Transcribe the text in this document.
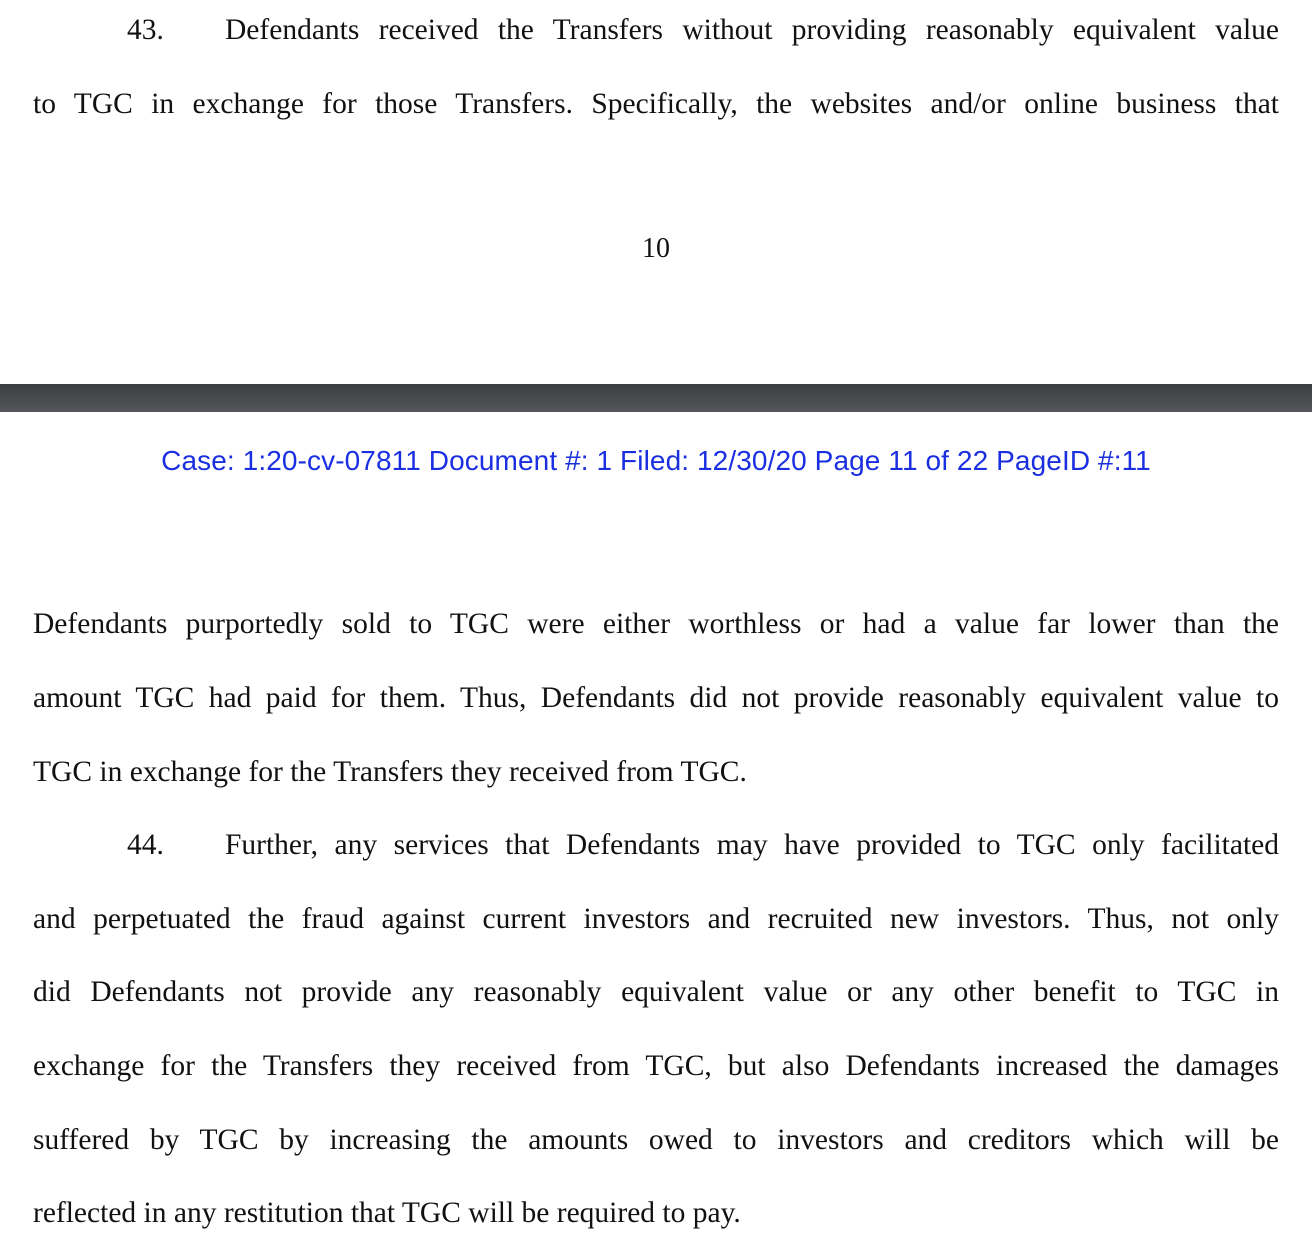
43. Defendants received the Transfers without providing reasonably equivalent value
to TGC in exchange for those Transfers. Specifically, the websites and/or online business that
10
Case: 1:20-cv-07811 Document #: 1 Filed: 12/30/20 Page 11 of 22 PageID #:11
Defendants purportedly sold to TGC were either worthless or had a value far lower than the
amount TGC had paid for them. Thus, Defendants did not provide reasonably equivalent value to
TGC in exchange for the Transfers they received from TGC.
44. Further, any services that Defendants may have provided to TGC only facilitated
and perpetuated the fraud against current investors and recruited new investors. Thus, not only
did Defendants not provide any reasonably equivalent value or any other benefit to TGC in
exchange for the Transfers they received from TGC, but also Defendants increased the damages
suffered by TGC by increasing the amounts owed to investors and creditors which will be
reflected in any restitution that TGC will be required to pay.
